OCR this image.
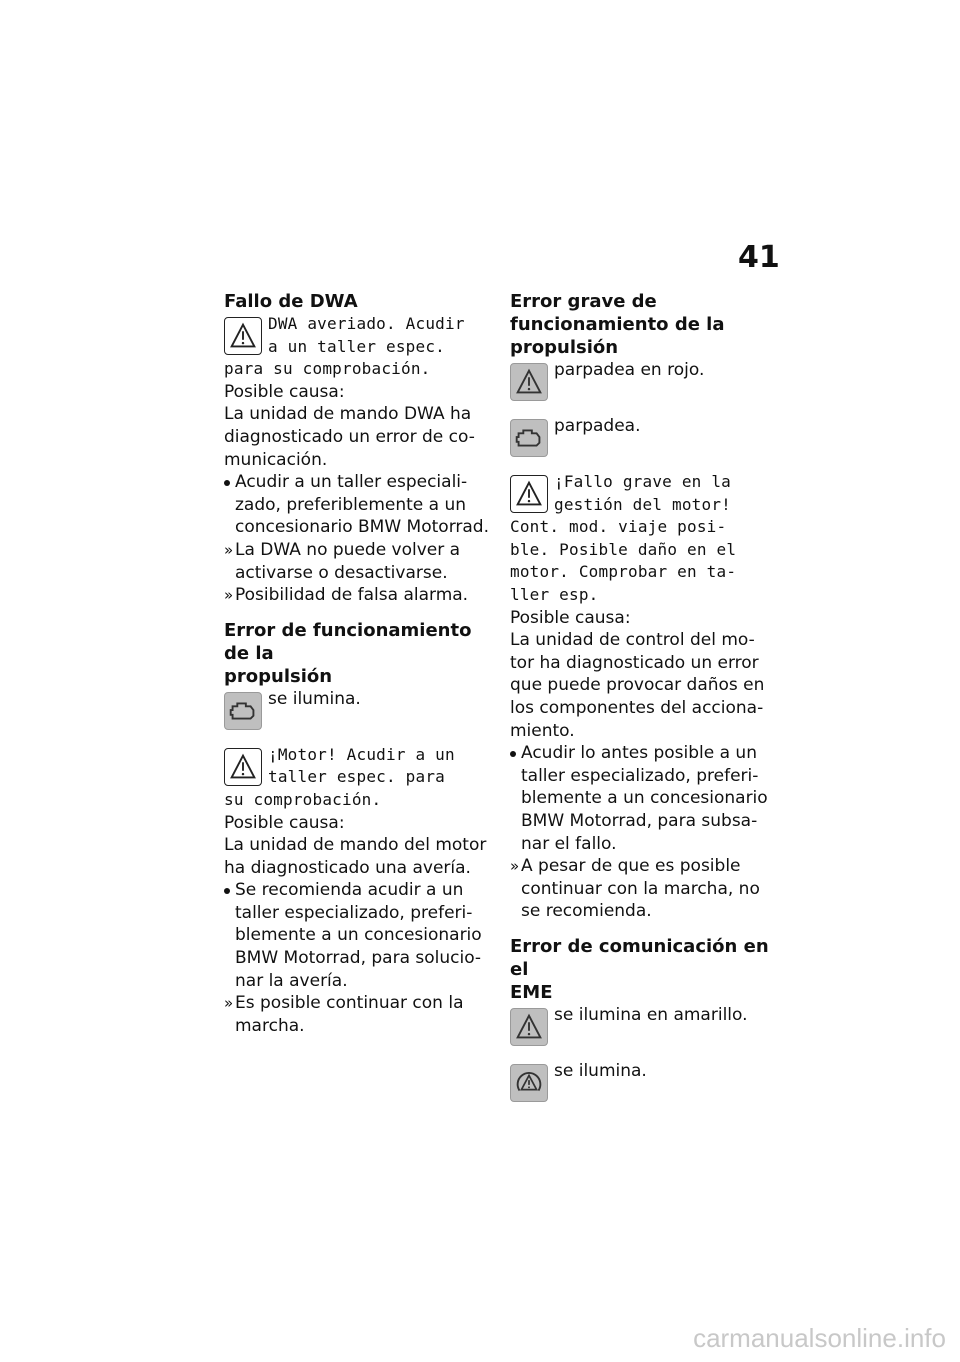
41

Fallo de DWA

DWA averiado. Acudir
a un taller espec.
para su comprobación.

Posible causa:

La unidad de mando DWA ha

diagnosticado un error de co-

municación.

Acudir a un taller especiali-
zado, preferiblemente a un
concesionario BMW Motorrad.
» La DWA no puede volver a
activarse o desactivarse.
» Posibilidad de falsa alarma.

Error de funcionamiento de la

propulsión

se ilumina.
¡Motor! Acudir a un
taller espec. para
su comprobación.

Posible causa:

La unidad de mando del motor

ha diagnosticado una avería.

Se recomienda acudir a un
taller especializado, preferi-
blemente a un concesionario
BMW Motorrad, para solucio-
nar la avería.
» Es posible continuar con la
marcha.

Error grave de

funcionamiento de la

propulsión

parpadea en rojo.
parpadea.
¡Fallo grave en la
gestión del motor!
Cont. mod. viaje posi-
ble. Posible daño en el
motor. Comprobar en ta-
ller esp.

Posible causa:

La unidad de control del mo-

tor ha diagnosticado un error

que puede provocar daños en

los componentes del acciona-

miento.

Acudir lo antes posible a un
taller especializado, preferi-
blemente a un concesionario
BMW Motorrad, para subsa-
nar el fallo.
» A pesar de que es posible
continuar con la marcha, no
se recomienda.

Error de comunicación en el

EME

se ilumina en amarillo.
se ilumina.
carmanualsonline.info
